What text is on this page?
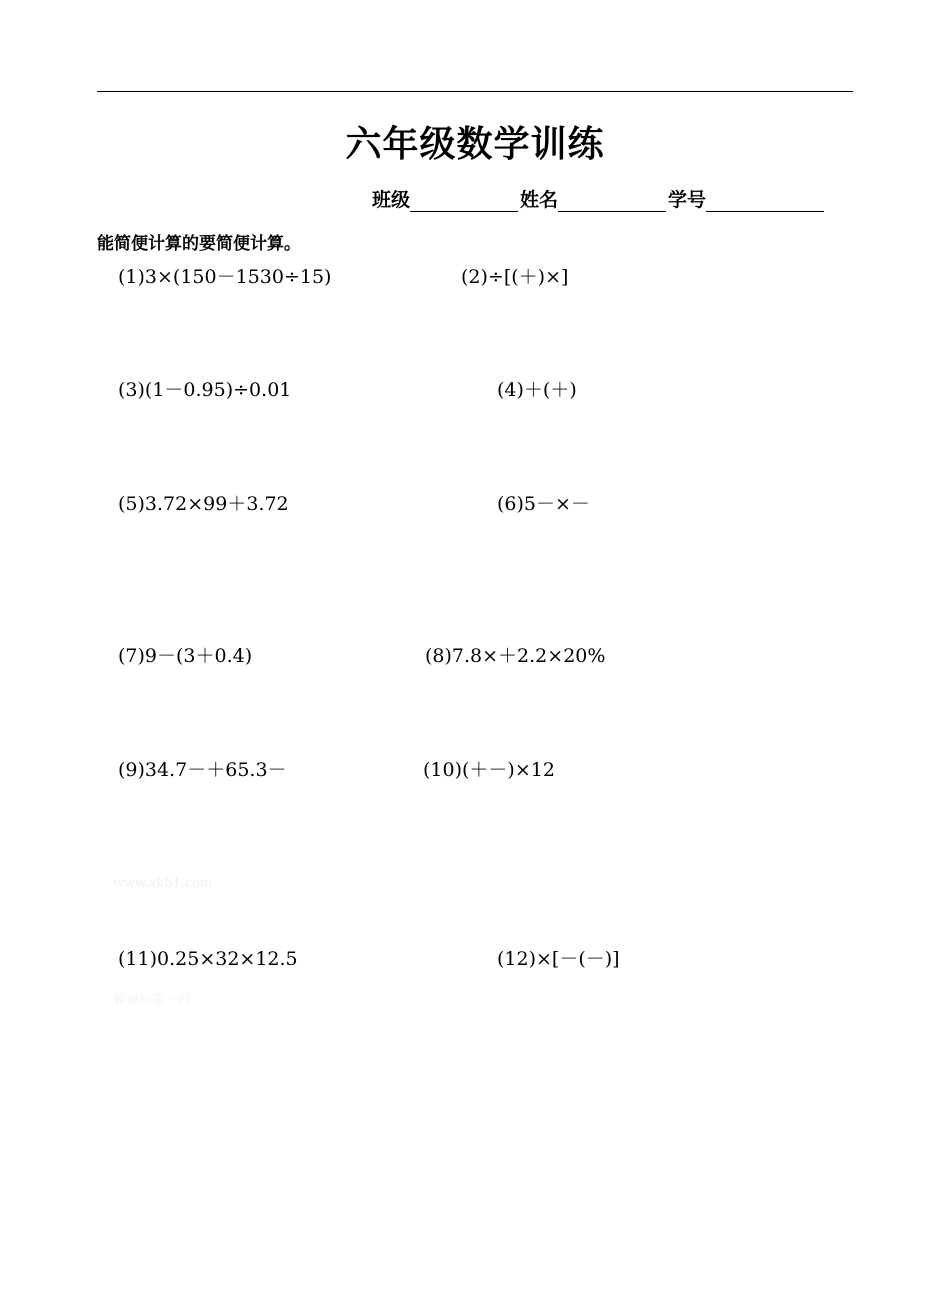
六年级数学训练
班级	姓名	学号
能简便计算的要简便计算。
(1)3×(150－1530÷15)	(2)÷[(＋)×]
(3)(1－0.95)÷0.01	(4)＋(＋)
(5)3.72×99＋3.72	(6)5－×－
(7)9－(3＋0.4)	(8)7.8×＋2.2×20%
(9)34.7－＋65.3－	(10)(＋－)×12
www.xkb1.com
(11)0.25×32×12.5	(12)×[－(－)]
新课标第一网
